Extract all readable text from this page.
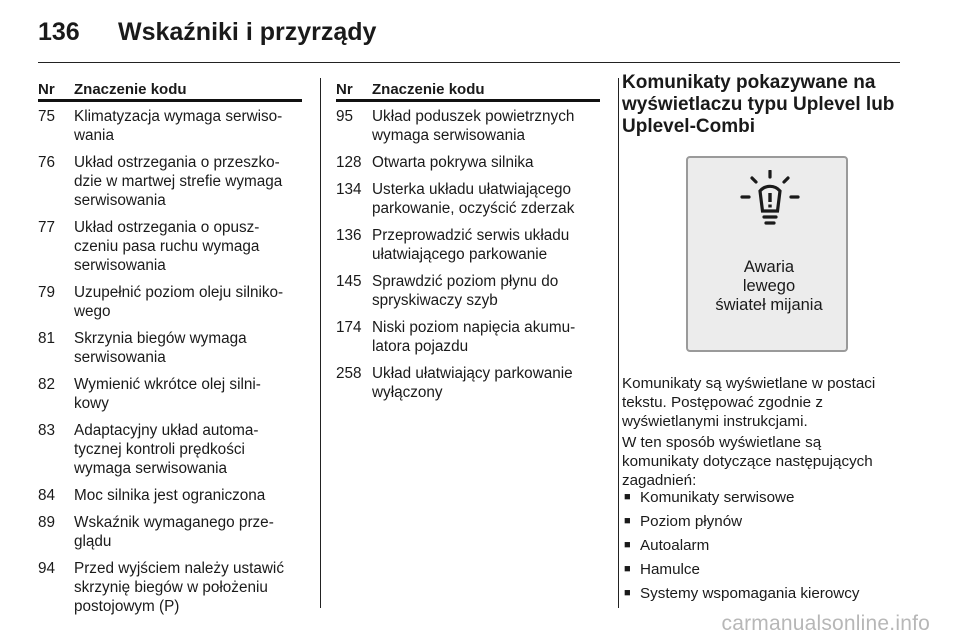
136 Wskaźniki i przyrządy
Nr Znaczenie kodu
75	Klimatyzacja wymaga serwiso-
wania
76	Układ ostrzegania o przeszko-
dzie w martwej strefie wymaga
serwisowania
77	Układ ostrzegania o opusz-
czeniu pasa ruchu wymaga
serwisowania
79	Uzupełnić poziom oleju silniko-
wego
81	Skrzynia biegów wymaga
serwisowania
82	Wymienić wkrótce olej silni-
kowy
83	Adaptacyjny układ automa-
tycznej kontroli prędkości
wymaga serwisowania
84	Moc silnika jest ograniczona
89	Wskaźnik wymaganego prze-
glądu
94	Przed wyjściem należy ustawić
skrzynię biegów w położeniu
postojowym (P)
Nr Znaczenie kodu
95	Układ poduszek powietrznych
wymaga serwisowania
128 Otwarta pokrywa silnika
134 Usterka układu ułatwiającego
parkowanie, oczyścić zderzak
136 Przeprowadzić serwis układu
ułatwiającego parkowanie
145 Sprawdzić poziom płynu do
spryskiwaczy szyb
174 Niski poziom napięcia akumu-
latora pojazdu
258 Układ ułatwiający parkowanie
wyłączony
Komunikaty pokazywane na
wyświetlaczu typu Uplevel lub
Uplevel-Combi
Awaria
lewego
świateł mijania
Komunikaty są wyświetlane w postaci
tekstu. Postępować zgodnie z
wyświetlanymi instrukcjami.
W ten sposób wyświetlane są
komunikaty dotyczące następujących
zagadnień:
■ Komunikaty serwisowe
■ Poziom płynów
■ Autoalarm
■ Hamulce
■ Systemy wspomagania kierowcy
carmanualsonline.info
